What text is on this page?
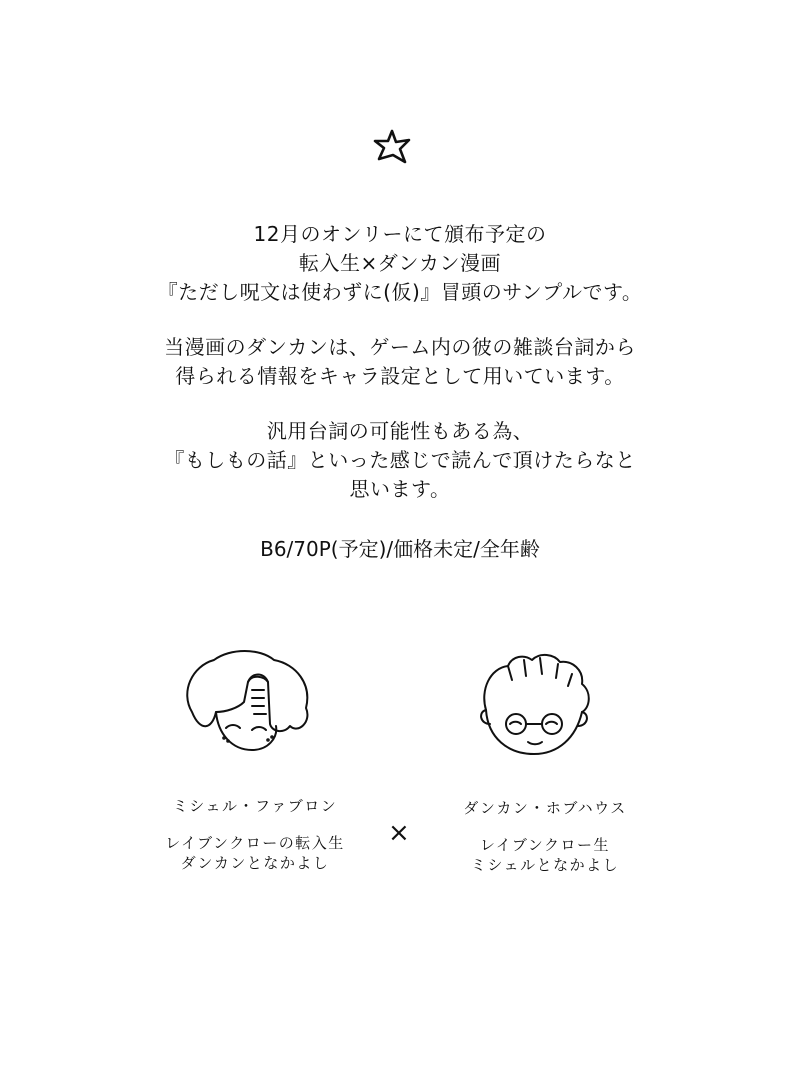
12月のオンリーにて頒布予定の
転入生×ダンカン漫画
『ただし呪文は使わずに(仮)』冒頭のサンプルです。
当漫画のダンカンは、ゲーム内の彼の雑談台詞から
得られる情報をキャラ設定として用いています。
汎用台詞の可能性もある為、
『もしもの話』といった感じで読んで頂けたらなと
思います。
B6/70P(予定)/価格未定/全年齢
ミシェル・ファブロン
レイブンクローの転入生
ダンカンとなかよし
×
ダンカン・ホブハウス
レイブンクロー生
ミシェルとなかよし
